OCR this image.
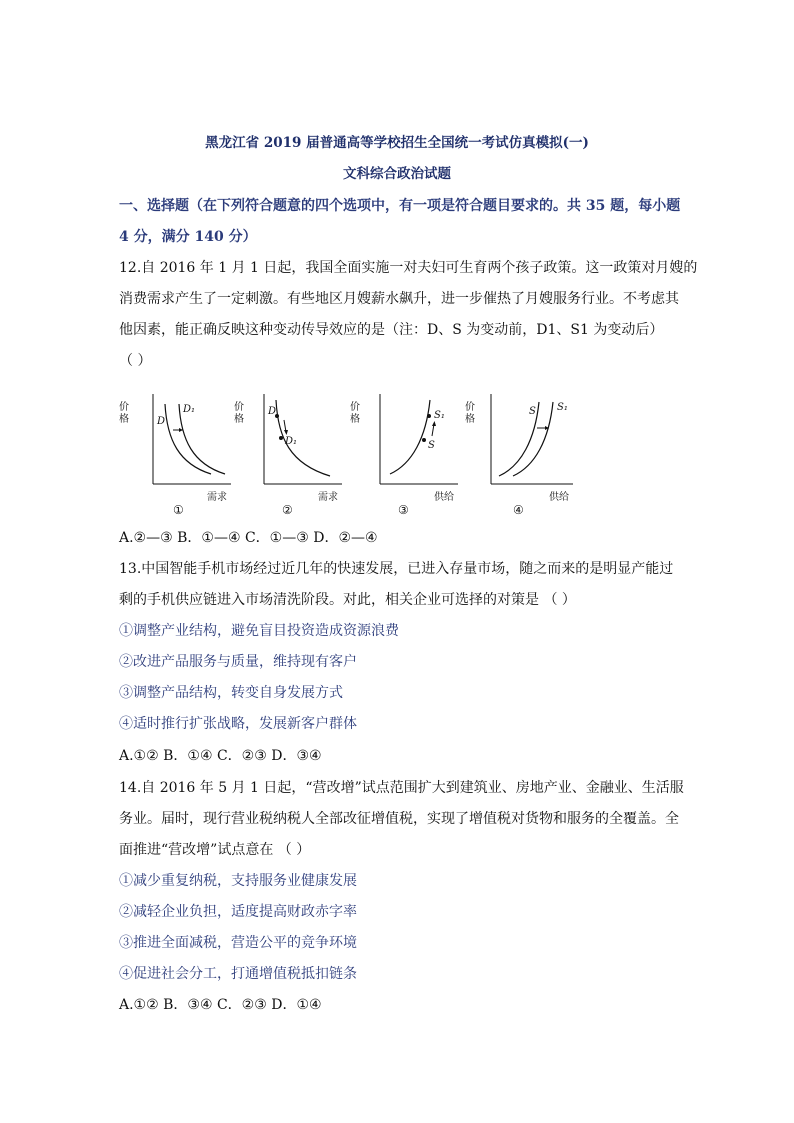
黑龙江省 2019 届普通高等学校招生全国统一考试仿真模拟(一)
文科综合政治试题
一、选择题（在下列符合题意的四个选项中，有一项是符合题目要求的。共 35 题，每小题
4 分，满分 140 分）
12.自 2016 年 1 月 1 日起，我国全面实施一对夫妇可生育两个孩子政策。这一政策对月嫂的
消费需求产生了一定刺激。有些地区月嫂薪水飙升，进一步催热了月嫂服务行业。不考虑其
他因素，能正确反映这种变动传导效应的是（注：D、S 为变动前，D1、S1 为变动后）
（ ）
价
格	D
D₁
需求
①
价
格
D
D₁
需求
②
价
格	S₁
S
供给
③
价
格
S S₁
供给
④
A.②—③ B．①—④ C．①—③ D．②—④
13.中国智能手机市场经过近几年的快速发展，已进入存量市场，随之而来的是明显产能过
剩的手机供应链进入市场清洗阶段。对此，相关企业可选择的对策是 （ ）
①调整产业结构，避免盲目投资造成资源浪费
②改进产品服务与质量，维持现有客户
③调整产品结构，转变自身发展方式
④适时推行扩张战略，发展新客户群体
A.①② B．①④ C．②③ D．③④
14.自 2016 年 5 月 1 日起，“营改增”试点范围扩大到建筑业、房地产业、金融业、生活服
务业。届时，现行营业税纳税人全部改征增值税，实现了增值税对货物和服务的全覆盖。全
面推进“营改增”试点意在 （ ）
①减少重复纳税，支持服务业健康发展
②减轻企业负担，适度提高财政赤字率
③推进全面减税，营造公平的竞争环境
④促进社会分工，打通增值税抵扣链条
A.①② B．③④ C．②③ D．①④
